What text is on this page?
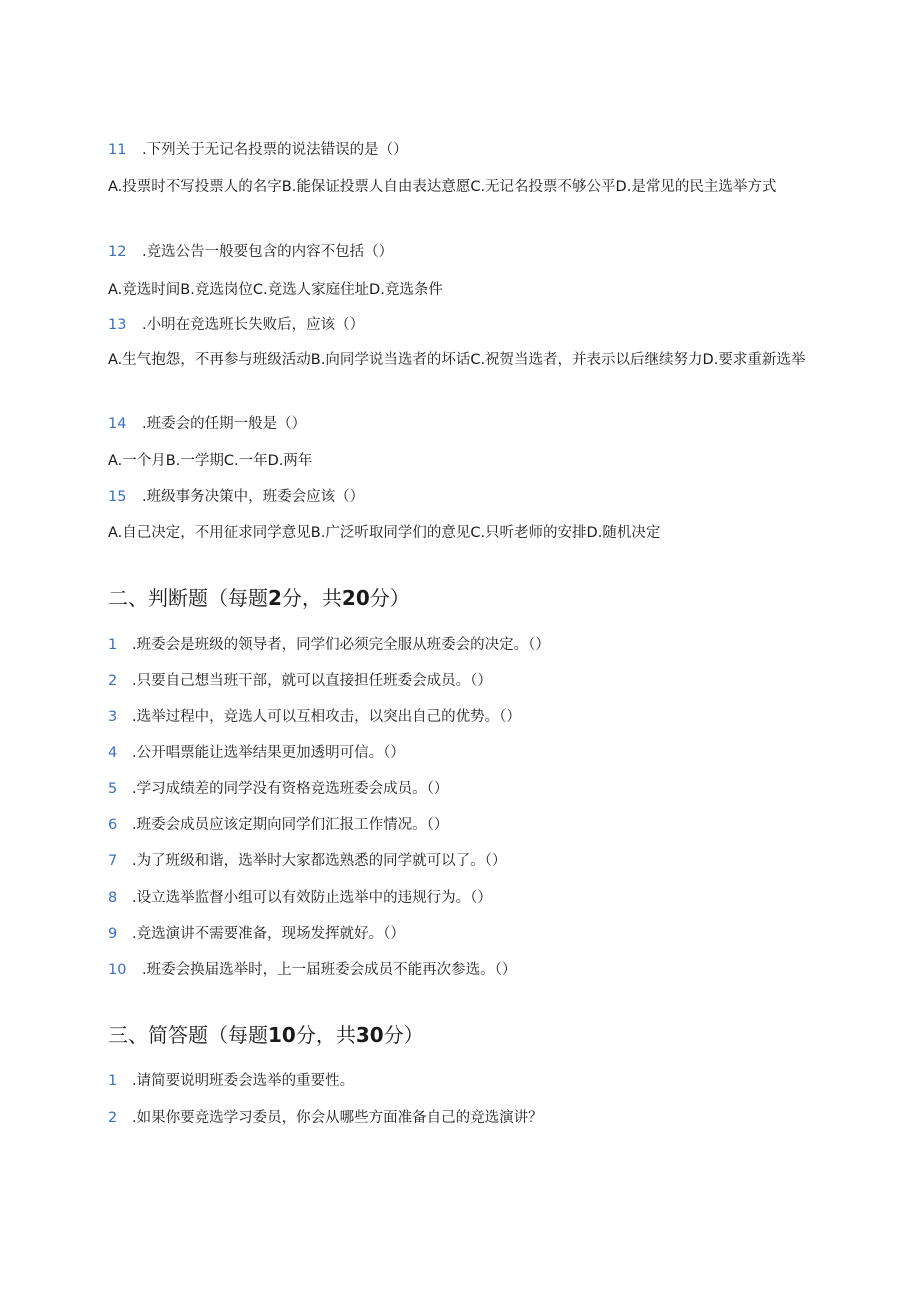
11 .下列关于无记名投票的说法错误的是（）
A.投票时不写投票人的名字B.能保证投票人自由表达意愿C.无记名投票不够公平D.是常见的民主选举方式
12 .竞选公告一般要包含的内容不包括（）
A.竞选时间B.竞选岗位C.竞选人家庭住址D.竞选条件
13 .小明在竞选班长失败后，应该（）
A.生气抱怨，不再参与班级活动B.向同学说当选者的坏话C.祝贺当选者，并表示以后继续努力D.要求重新选举
14 .班委会的任期一般是（）
A.一个月B.一学期C.一年D.两年
15 .班级事务决策中，班委会应该（）
A.自己决定，不用征求同学意见B.广泛听取同学们的意见C.只听老师的安排D.随机决定
二、判断题（每题2分，共20分）
1 .班委会是班级的领导者，同学们必须完全服从班委会的决定。（）
2 .只要自己想当班干部，就可以直接担任班委会成员。（）
3 .选举过程中，竞选人可以互相攻击，以突出自己的优势。（）
4 .公开唱票能让选举结果更加透明可信。（）
5 .学习成绩差的同学没有资格竞选班委会成员。（）
6 .班委会成员应该定期向同学们汇报工作情况。（）
7 .为了班级和谐，选举时大家都选熟悉的同学就可以了。（）
8 .设立选举监督小组可以有效防止选举中的违规行为。（）
9 .竞选演讲不需要准备，现场发挥就好。（）
10 .班委会换届选举时，上一届班委会成员不能再次参选。（）
三、简答题（每题10分，共30分）
1 .请简要说明班委会选举的重要性。
2 .如果你要竞选学习委员，你会从哪些方面准备自己的竞选演讲？
